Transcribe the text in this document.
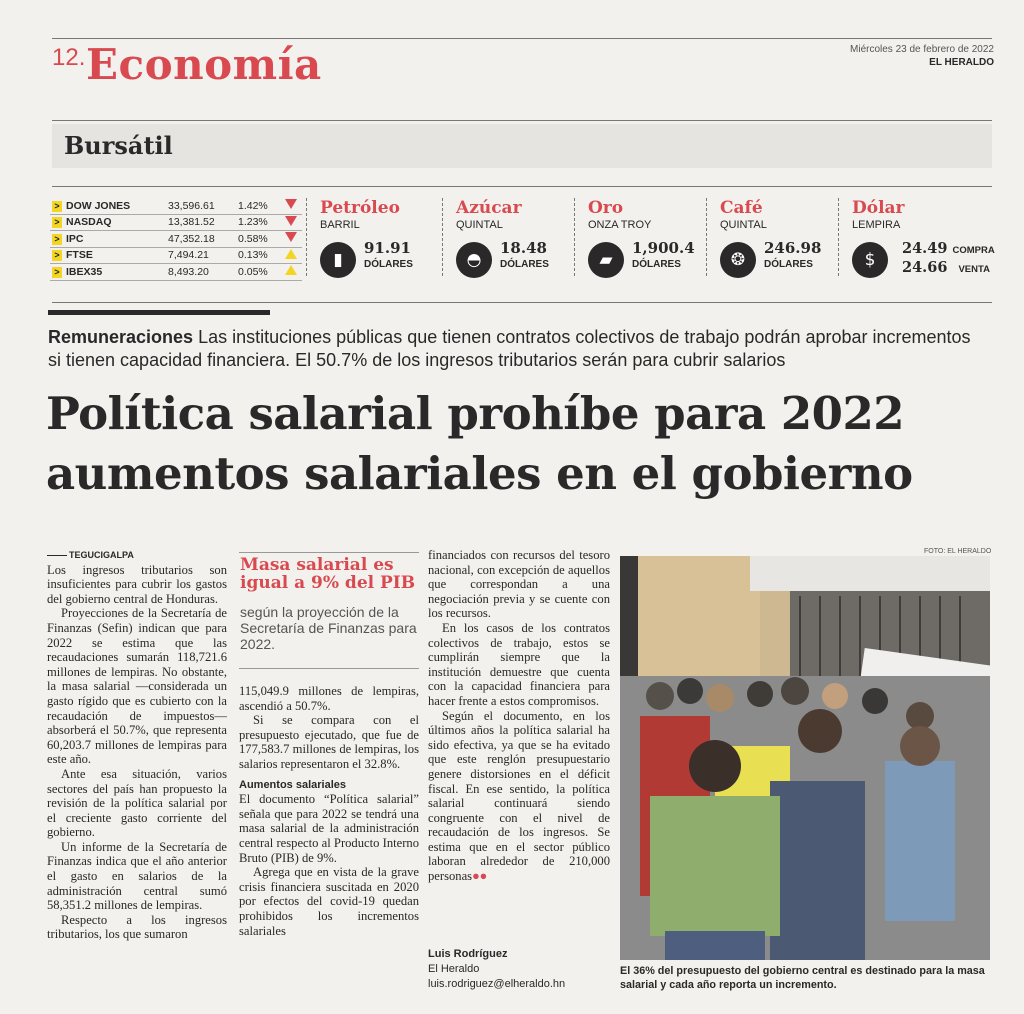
12. Economía	Miércoles 23 de febrero de 2022
EL HERALDO
Bursátil
> DOW JONES	33,596.61	1.42%	
> NASDAQ	13,381.52	1.23%	
> IPC	47,352.18	0.58%	
> FTSE	7,494.21	0.13%	
> IBEX35	8,493.20	0.05%	
Petróleo
BARRIL
▮
91.91
DÓLARES
Azúcar
QUINTAL
◓
18.48
DÓLARES
Oro
ONZA TROY
▰
1,900.4
DÓLARES
Café
QUINTAL
❂
246.98
DÓLARES
Dólar
LEMPIRA
$
24.49 COMPRA
24.66 VENTA
Remuneraciones Las instituciones públicas que tienen contratos colectivos de trabajo podrán aprobar incrementos si tienen capacidad financiera. El 50.7% de los ingresos tributarios serán para cubrir salarios
Política salarial prohíbe para 2022
aumentos salariales en el gobierno
TEGUCIGALPA

Los ingresos tributarios son insuficientes para cubrir los gastos del gobierno central de Honduras.

Proyecciones de la Secretaría de Finanzas (Sefin) indican que para 2022 se estima que las recaudaciones sumarán 118,721.6 millones de lempiras. No obstante, la masa salarial —considerada un gasto rígido que es cubierto con la recaudación de impuestos— absorberá el 50.7%, que representa 60,203.7 millones de lempiras para este año.

Ante esa situación, varios sectores del país han propuesto la revisión de la política salarial por el creciente gasto corriente del gobierno.

Un informe de la Secretaría de Finanzas indica que el año anterior el gasto en salarios de la administración central sumó 58,351.2 millones de lempiras.

Respecto a los ingresos tributarios, los que sumaron

Masa salarial es igual a 9% del PIB
según la proyección de la Secretaría de Finanzas para 2022.

115,049.9 millones de lempiras, ascendió a 50.7%.

Si se compara con el presupuesto ejecutado, que fue de 177,583.7 millones de lempiras, los salarios representaron el 32.8%.

Aumentos salariales

El documento “Política salarial” señala que para 2022 se tendrá una masa salarial de la administración central respecto al Producto Interno Bruto (PIB) de 9%.

Agrega que en vista de la grave crisis financiera suscitada en 2020 por efectos del covid-19 quedan prohibidos los incrementos salariales

financiados con recursos del tesoro nacional, con excepción de aquellos que correspondan a una negociación previa y se cuente con los recursos.

En los casos de los contratos colectivos de trabajo, estos se cumplirán siempre que la institución demuestre que cuenta con la capacidad financiera para hacer frente a estos compromisos.

Según el documento, en los últimos años la política salarial ha sido efectiva, ya que se ha evitado que este renglón presupuestario genere distorsiones en el déficit fiscal. En ese sentido, la política salarial continuará siendo congruente con el nivel de recaudación de los ingresos. Se estima que en el sector público laboran alrededor de 210,000 personas●●

Luis Rodríguez
El Heraldo
luis.rodriguez@elheraldo.hn
FOTO: EL HERALDO
El 36% del presupuesto del gobierno central es destinado para la masa salarial y cada año reporta un incremento.
